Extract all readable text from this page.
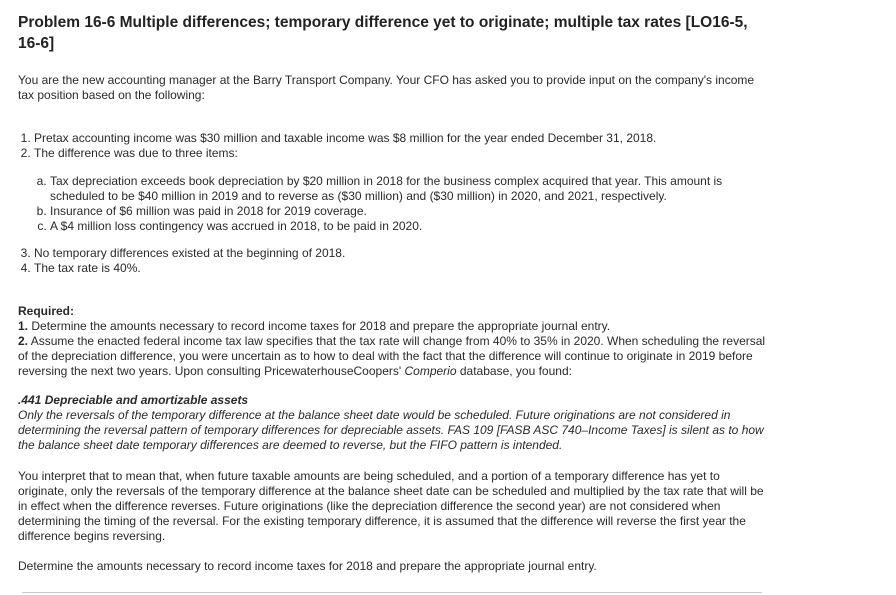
Problem 16-6 Multiple differences; temporary difference yet to originate; multiple tax rates [LO16-5, 16-6]

You are the new accounting manager at the Barry Transport Company. Your CFO has asked you to provide input on the company's income tax position based on the following:

1. Pretax accounting income was $30 million and taxable income was $8 million for the year ended December 31, 2018.
2. The difference was due to three items:
a. Tax depreciation exceeds book depreciation by $20 million in 2018 for the business complex acquired that year. This amount is scheduled to be $40 million in 2019 and to reverse as ($30 million) and ($30 million) in 2020, and 2021, respectively.
b. Insurance of $6 million was paid in 2018 for 2019 coverage.
c. A $4 million loss contingency was accrued in 2018, to be paid in 2020.
3. No temporary differences existed at the beginning of 2018.
4. The tax rate is 40%.
Required:
1. Determine the amounts necessary to record income taxes for 2018 and prepare the appropriate journal entry.
2. Assume the enacted federal income tax law specifies that the tax rate will change from 40% to 35% in 2020. When scheduling the reversal of the depreciation difference, you were uncertain as to how to deal with the fact that the difference will continue to originate in 2019 before reversing the next two years. Upon consulting PricewaterhouseCoopers' Comperio database, you found:
.441 Depreciable and amortizable assets
Only the reversals of the temporary difference at the balance sheet date would be scheduled. Future originations are not considered in determining the reversal pattern of temporary differences for depreciable assets. FAS 109 [FASB ASC 740–Income Taxes] is silent as to how the balance sheet date temporary differences are deemed to reverse, but the FIFO pattern is intended.

You interpret that to mean that, when future taxable amounts are being scheduled, and a portion of a temporary difference has yet to originate, only the reversals of the temporary difference at the balance sheet date can be scheduled and multiplied by the tax rate that will be in effect when the difference reverses. Future originations (like the depreciation difference the second year) are not considered when determining the timing of the reversal. For the existing temporary difference, it is assumed that the difference will reverse the first year the difference begins reversing.

Determine the amounts necessary to record income taxes for 2018 and prepare the appropriate journal entry.
